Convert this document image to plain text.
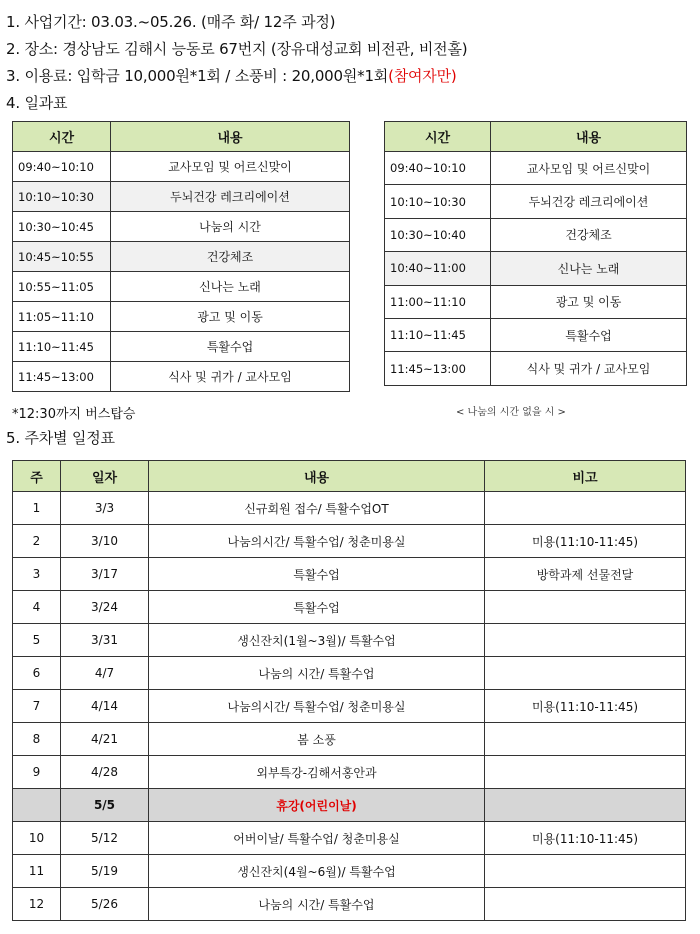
1. 사업기간: 03.03.~05.26. (매주 화/ 12주 과정)
2. 장소: 경상남도 김해시 능동로 67번지 (장유대성교회 비전관, 비전홀)
3. 이용료: 입학금 10,000원*1회 / 소풍비 : 20,000원*1회(참여자만)
4. 일과표
시간	내용
09:40~10:10	교사모임 및 어르신맞이
10:10~10:30	두뇌건강 레크리에이션
10:30~10:45	나눔의 시간
10:45~10:55	건강체조
10:55~11:05	신나는 노래
11:05~11:10	광고 및 이동
11:10~11:45	특활수업
11:45~13:00	식사 및 귀가 / 교사모임
시간	내용
09:40~10:10	교사모임 및 어르신맞이
10:10~10:30	두뇌건강 레크리에이션
10:30~10:40	건강체조
10:40~11:00	신나는 노래
11:00~11:10	광고 및 이동
11:10~11:45	특활수업
11:45~13:00	식사 및 귀가 / 교사모임
< 나눔의 시간 없을 시 >
*12:30까지 버스탑승
5. 주차별 일정표
주	일자	내용	비고
1	3/3	신규회원 접수/ 특활수업OT	
2	3/10	나눔의시간/ 특활수업/ 청춘미용실	미용(11:10-11:45)
3	3/17	특활수업	방학과제 선물전달
4	3/24	특활수업	
5	3/31	생신잔치(1월~3월)/ 특활수업	
6	4/7	나눔의 시간/ 특활수업	
7	4/14	나눔의시간/ 특활수업/ 청춘미용실	미용(11:10-11:45)
8	4/21	봄 소풍	
9	4/28	외부특강-김해서홍안과	
	5/5	휴강(어린이날)	
10	5/12	어버이날/ 특활수업/ 청춘미용실	미용(11:10-11:45)
11	5/19	생신잔치(4월~6월)/ 특활수업	
12	5/26	나눔의 시간/ 특활수업	
